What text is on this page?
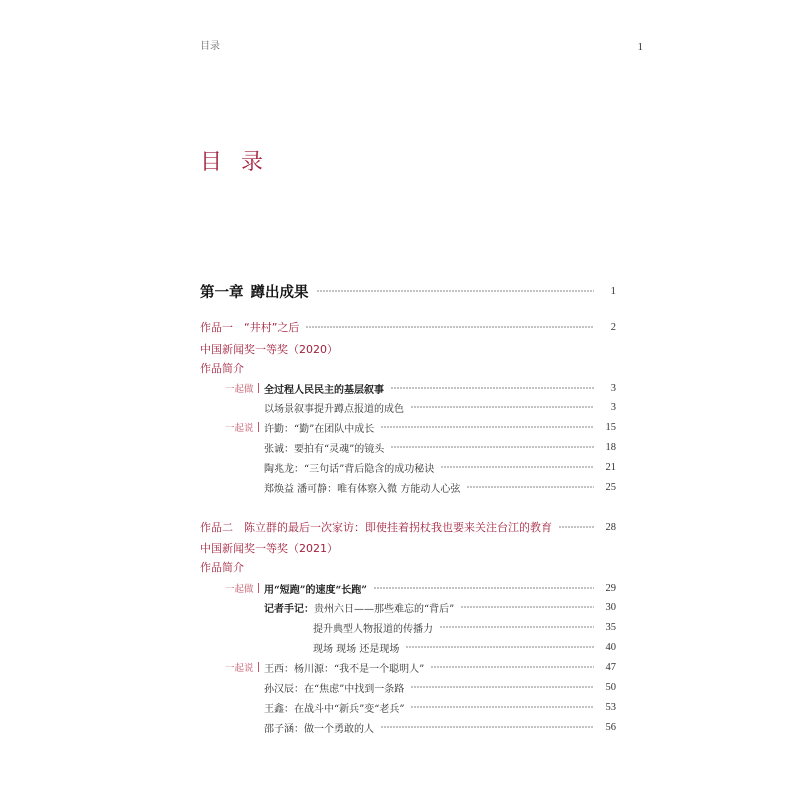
目录	1
目 录
第一章 蹲出成果	1
作品一 “井村”之后	2
中国新闻奖一等奖（2020）
作品简介
一起做 全过程人民民主的基层叙事	3
以场景叙事提升蹲点报道的成色	3
一起说 许勤：“勤”在团队中成长	15
张诚：要拍有“灵魂”的镜头	18
陶兆龙：“三句话”背后隐含的成功秘诀	21
郑焕益 潘可静：唯有体察入微 方能动人心弦	25
作品二 陈立群的最后一次家访：即使挂着拐杖我也要来关注台江的教育	28
中国新闻奖一等奖（2021）
作品简介
一起做 用“短跑”的速度“长跑”	29
记者手记： 贵州六日——那些难忘的“背后”	30
提升典型人物报道的传播力	35
现场 现场 还是现场	40
一起说 王西：杨川源：“我不是一个聪明人”	47
孙汉辰：在“焦虑”中找到一条路	50
王鑫：在战斗中“新兵”变“老兵”	53
邵子涵：做一个勇敢的人	56
